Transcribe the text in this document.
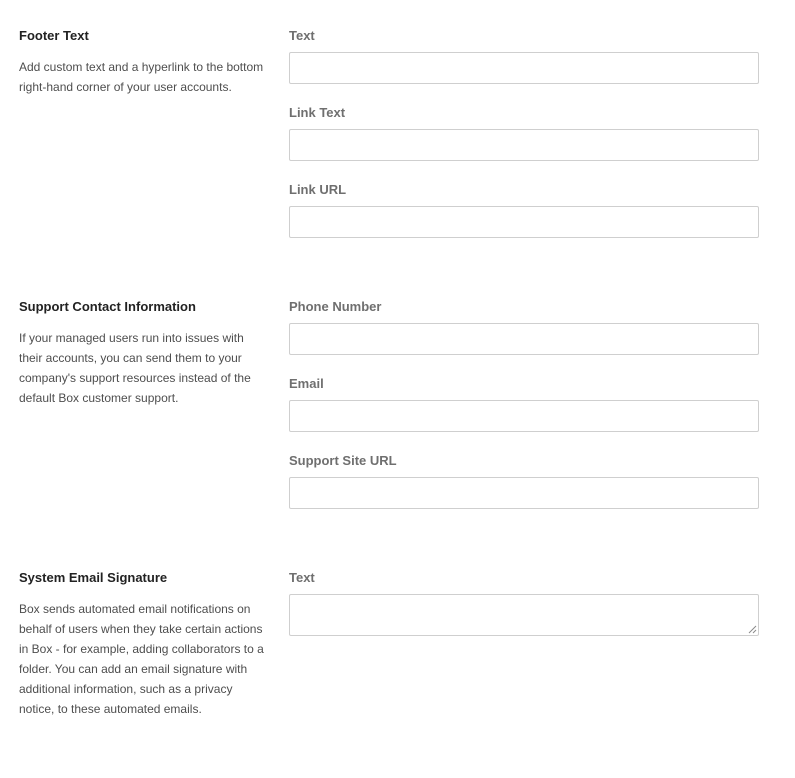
Footer Text

Add custom text and a hyperlink to the bottom right-hand corner of your user accounts.

Text
Link Text
Link URL
Support Contact Information

If your managed users run into issues with their accounts, you can send them to your company's support resources instead of the default Box customer support.

Phone Number
Email
Support Site URL
System Email Signature

Box sends automated email notifications on behalf of users when they take certain actions in Box - for example, adding collaborators to a folder. You can add an email signature with additional information, such as a privacy notice, to these automated emails.

Text
